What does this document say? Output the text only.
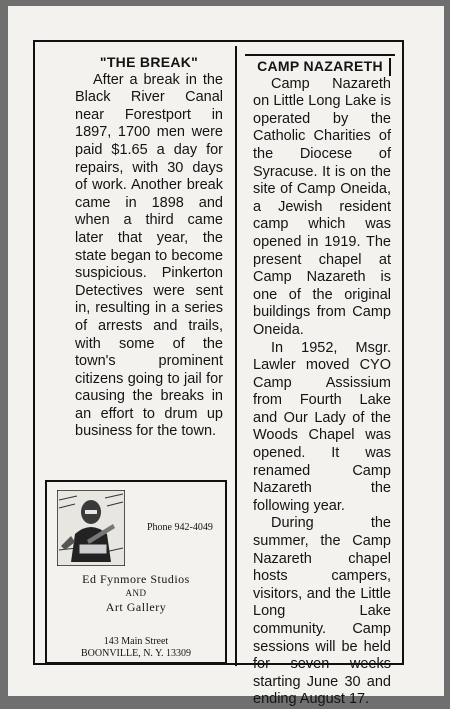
"THE BREAK"

After a break in the Black River Canal near Forestport in 1897, 1700 men were paid $1.65 a day for repairs, with 30 days of work. Another break came in 1898 and when a third came later that year, the state began to become suspicious. Pinkerton Detectives were sent in, resulting in a series of arrests and trails, with some of the town's prominent citizens going to jail for causing the breaks in an effort to drum up business for the town.

CAMP NAZARETH

Camp Nazareth on Little Long Lake is operated by the Catholic Charities of the Diocese of Syracuse. It is on the site of Camp Oneida, a Jewish resident camp which was opened in 1919. The present chapel at Camp Nazareth is one of the original buildings from Camp Oneida.

In 1952, Msgr. Lawler moved CYO Camp Assissium from Fourth Lake and Our Lady of the Woods Chapel was opened. It was renamed Camp Nazareth the following year.

During the summer, the Camp Nazareth chapel hosts campers, visitors, and the Little Long Lake community. Camp sessions will be held for seven weeks starting June 30 and ending August 17.

Phone 942-4049
Ed Fynmore Studios
AND
Art Gallery
143 Main Street
BOONVILLE, N. Y. 13309
